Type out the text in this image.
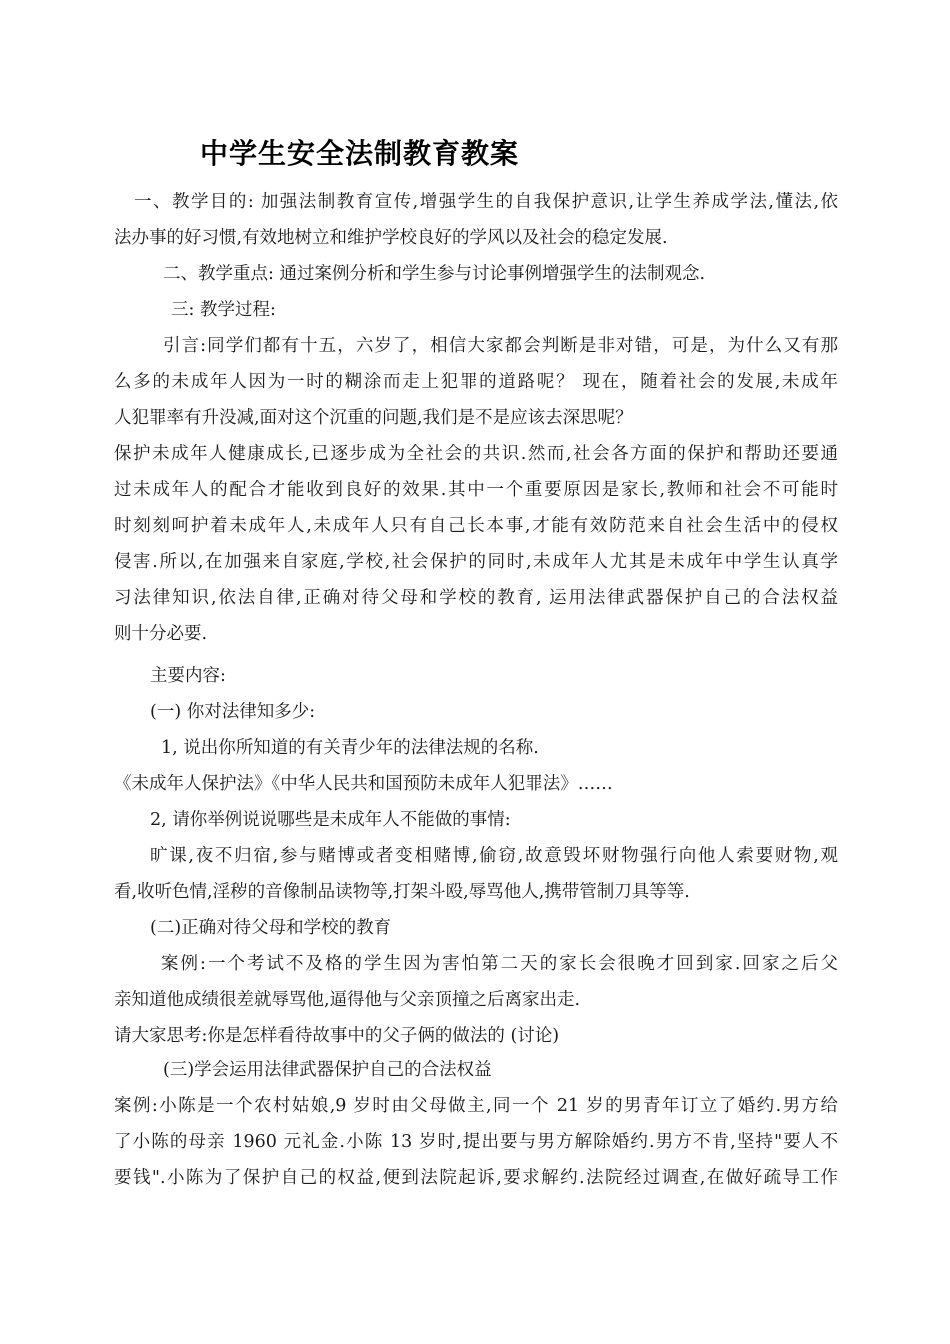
中学生安全法制教育教案
一、教学目的: 加强法制教育宣传,增强学生的自我保护意识,让学生养成学法,懂法,依
法办事的好习惯,有效地树立和维护学校良好的学风以及社会的稳定发展.
二、教学重点: 通过案例分析和学生参与讨论事例增强学生的法制观念.
三: 教学过程:
引言:同学们都有十五，六岁了，相信大家都会判断是非对错，可是，为什么又有那
么多的未成年人因为一时的糊涂而走上犯罪的道路呢？ 现在，随着社会的发展,未成年
人犯罪率有升没减,面对这个沉重的问题,我们是不是应该去深思呢？
保护未成年人健康成长,已逐步成为全社会的共识.然而,社会各方面的保护和帮助还要通
过未成年人的配合才能收到良好的效果.其中一个重要原因是家长,教师和社会不可能时
时刻刻呵护着未成年人,未成年人只有自己长本事,才能有效防范来自社会生活中的侵权
侵害.所以,在加强来自家庭,学校,社会保护的同时,未成年人尤其是未成年中学生认真学
习法律知识,依法自律,正确对待父母和学校的教育, 运用法律武器保护自己的合法权益
则十分必要.
主要内容:
(一) 你对法律知多少:
1, 说出你所知道的有关青少年的法律法规的名称.
《未成年人保护法》《中华人民共和国预防未成年人犯罪法》……
2, 请你举例说说哪些是未成年人不能做的事情:
旷课,夜不归宿,参与赌博或者变相赌博,偷窃,故意毁坏财物强行向他人索要财物,观
看,收听色情,淫秽的音像制品读物等,打架斗殴,辱骂他人,携带管制刀具等等.
(二)正确对待父母和学校的教育
案例:一个考试不及格的学生因为害怕第二天的家长会很晚才回到家.回家之后父
亲知道他成绩很差就辱骂他,逼得他与父亲顶撞之后离家出走.
请大家思考:你是怎样看待故事中的父子俩的做法的 (讨论)
(三)学会运用法律武器保护自己的合法权益
案例:小陈是一个农村姑娘,9 岁时由父母做主,同一个 21 岁的男青年订立了婚约.男方给
了小陈的母亲 1960 元礼金.小陈 13 岁时,提出要与男方解除婚约.男方不肯,坚持"要人不
要钱".小陈为了保护自己的权益,便到法院起诉,要求解约.法院经过调查,在做好疏导工作
